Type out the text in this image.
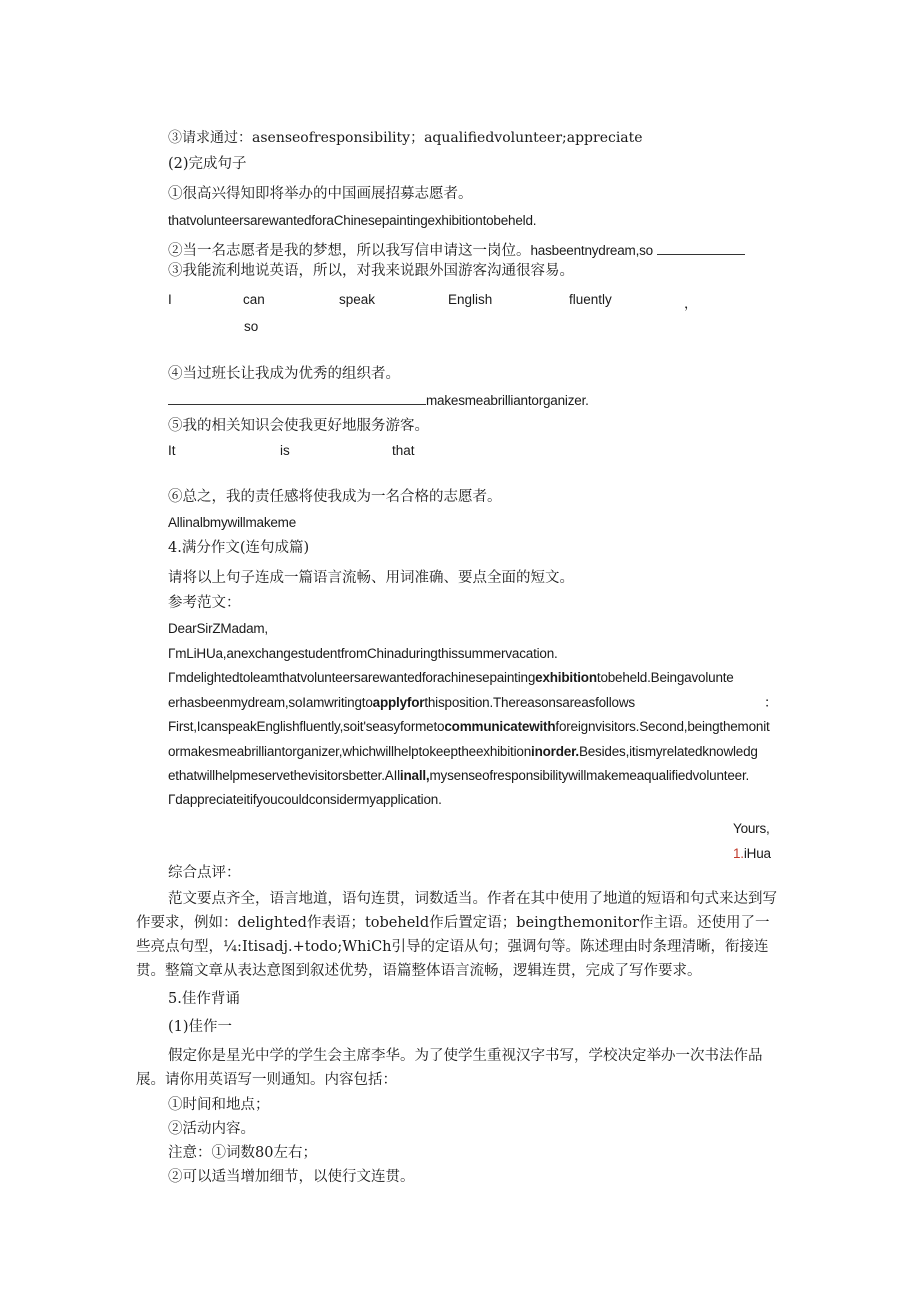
③请求通过：asenseofresponsibility；aqualifiedvolunteer;appreciate
(2)完成句子
①很高兴得知即将举办的中国画展招募志愿者。
thatvolunteersarewantedforaChinesepaintingexhibitiontobeheld.
②当一名志愿者是我的梦想，所以我写信申请这一岗位。hasbeentnydream,so
③我能流利地说英语，所以，对我来说跟外国游客沟通很容易。
I	can	speak	English	fluently	，
so
④当过班长让我成为优秀的组织者。
makesmeabrilliantorganizer.
⑤我的相关知识会使我更好地服务游客。
It	is	that
⑥总之，我的责任感将使我成为一名合格的志愿者。
Allinalbmywillmakeme
4.满分作文(连句成篇)
请将以上句子连成一篇语言流畅、用词准确、要点全面的短文。
参考范文：
DearSirZMadam,
ΓmLiHUa,anexchangestudentfromChinaduringthissummervacation.
Γmdelightedtoleamthatvolunteersarewantedforachinesepaintingexhibitiontobeheld.Beingavolunte
erhasbeenmydream,soIamwritingtoapplyforthisposition.Thereasonsareasfollows	：
First,IcanspeakEnglishfluently,soit'seasyformetocommunicatewithforeignvisitors.Second,beingthemonit
ormakesmeabrilliantorganizer,whichwillhelptokeeptheexhibitioninorder.Besides,itismyrelatedknowledg
ethatwillhelpmeservethevisitorsbetter.AIlinall,mysenseofresponsibilitywillmakemeaqualifiedvolunteer.
Γdappreciateitifyoucouldconsidermyapplication.
Yours,
1.iHua
综合点评：

范文要点齐全，语言地道，语句连贯，词数适当。作者在其中使用了地道的短语和句式来达到写作要求，例如：delighted作表语；tobeheld作后置定语；beingthemonitor作主语。还使用了一些亮点句型，¼:Itisadj.+todo;WhiCh引导的定语从句；强调句等。陈述理由时条理清晰，衔接连贯。整篇文章从表达意图到叙述优势，语篇整体语言流畅，逻辑连贯，完成了写作要求。

5.佳作背诵
(1)佳作一

假定你是星光中学的学生会主席李华。为了使学生重视汉字书写，学校决定举办一次书法作品展。请你用英语写一则通知。内容包括：

①时间和地点；
②活动内容。
注意：①词数80左右；
②可以适当增加细节，以使行文连贯。
